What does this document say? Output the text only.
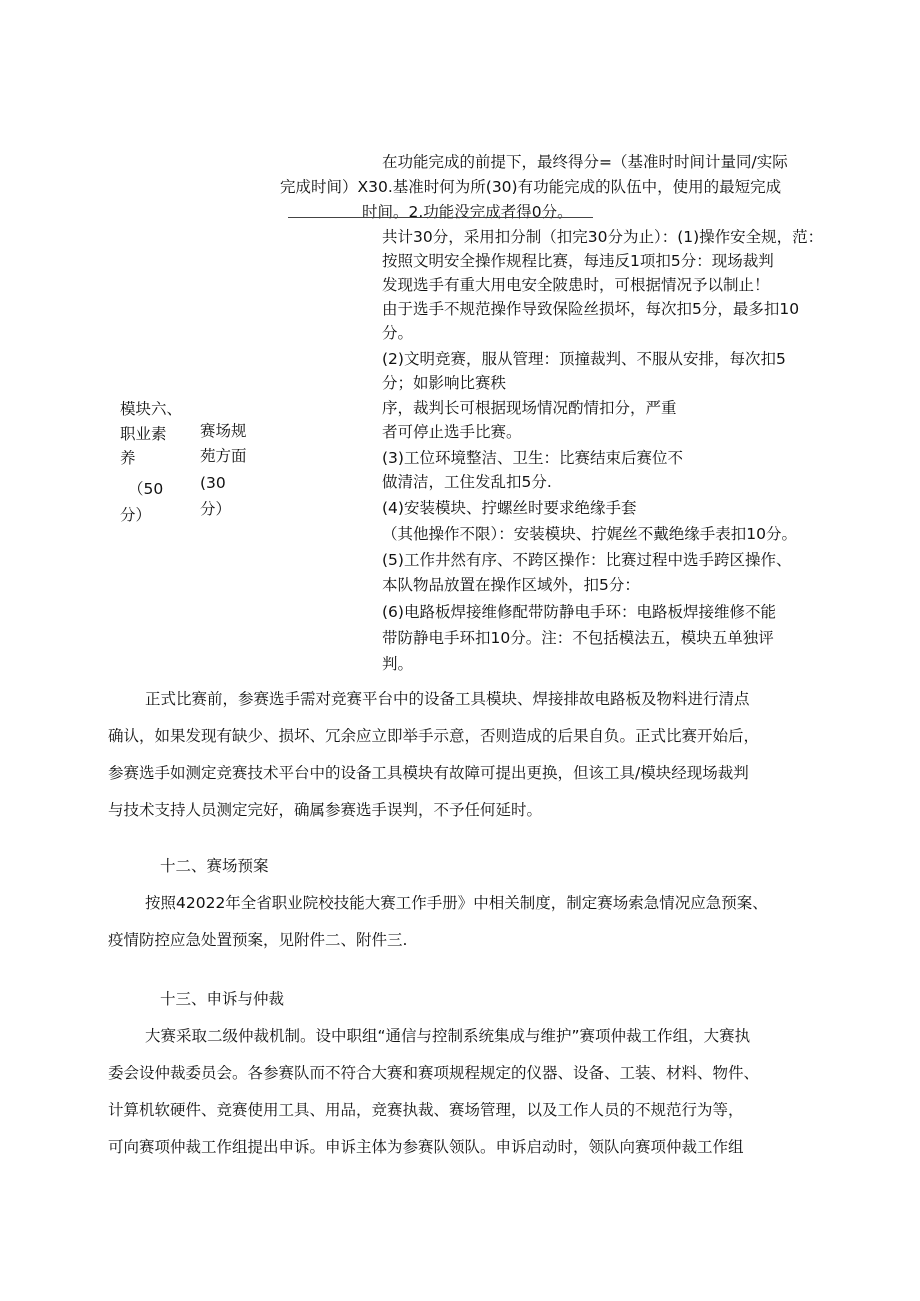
在功能完成的前提下，最终得分=（基准时时间计量同/实际
完成时间）X30.基准时何为所(30)有功能完成的队伍中，使用的最短完成
时间。2.功能没完成者得0分。
模块六、
职业素
养
（50
分）
赛场规
苑方面
(30
分）
共计30分，采用扣分制（扣完30分为止）：(1)操作安全规，范：
按照文明安全操作规程比赛，每违反1项扣5分：现场裁判
发现选手有重大用电安全陂患时，可根据情况予以制止！
由于选手不规范操作导致保险丝损坏，每次扣5分，最多扣10
分。
(2)文明竞赛，服从管理：顶撞裁判、不服从安排，每次扣5
分；如影响比赛秩
序，裁判长可根据现场情况酌情扣分，严重
者可停止选手比赛。
(3)工位环境整洁、卫生：比赛结束后赛位不
做清洁，工住发乱扣5分.
(4)安装模块、拧螺丝时要求绝缘手套
（其他操作不限）：安装模块、拧娓丝不戴绝缘手表扣10分。
(5)工作井然有序、不跨区操作：比赛过程中选手跨区操作、
本队物品放置在操作区域外，扣5分：
(6)电路板焊接维修配带防静电手环：电路板焊接维修不能
带防静电手环扣10分。注：不包括模法五，模块五单独评
判。
正式比赛前，参赛选手需对竞赛平台中的设备工具模块、焊接排故电路板及物料进行清点
确认，如果发现有缺少、损坏、冗余应立即举手示意，否则造成的后果自负。正式比赛开始后，
参赛选手如测定竞赛技术平台中的设备工具模块有故障可提出更换，但该工具/模块经现场裁判
与技术支持人员测定完好，确属参赛选手误判，不予任何延时。
十二、赛场预案
按照42022年全省职业院校技能大赛工作手册》中相关制度，制定赛场索急情况应急预案、
疫情防控应急处置预案，见附件二、附件三.
十三、申诉与仲裁
大赛采取二级仲裁机制。设中职组“通信与控制系统集成与维护”赛项仲裁工作组，大赛执
委会设仲裁委员会。各参赛队而不符合大赛和赛项规程规定的仪器、设备、工装、材料、物件、
计算机软硬件、竞赛使用工具、用品，竞赛执裁、赛场管理，以及工作人员的不规范行为等，
可向赛项仲裁工作组提出申诉。申诉主体为参赛队领队。申诉启动时，领队向赛项仲裁工作组
